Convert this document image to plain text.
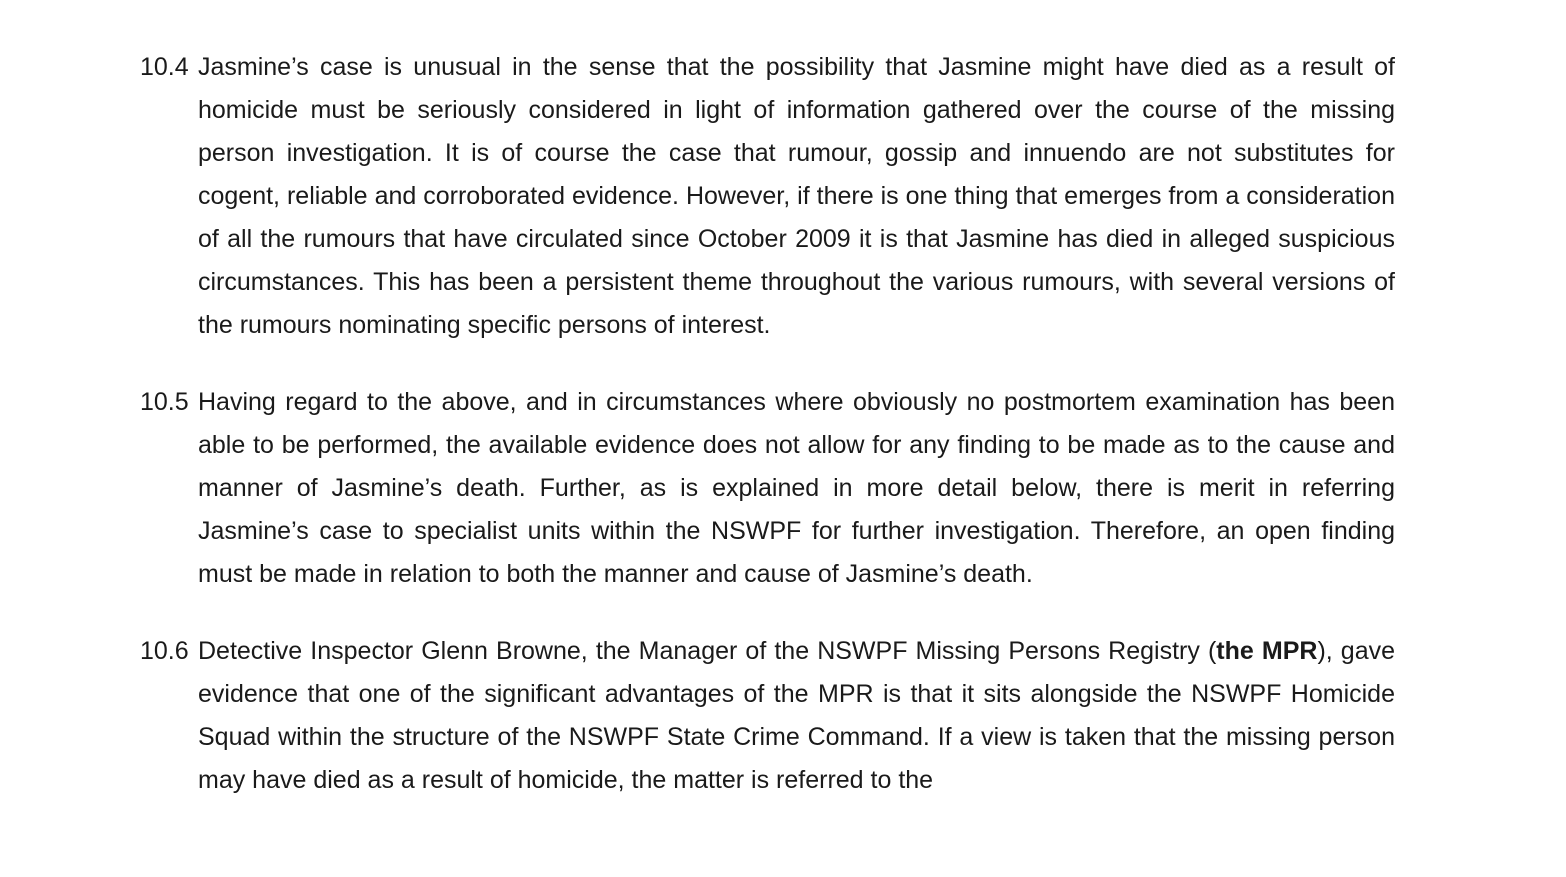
10.4 Jasmine’s case is unusual in the sense that the possibility that Jasmine might have died as a result of homicide must be seriously considered in light of information gathered over the course of the missing person investigation. It is of course the case that rumour, gossip and innuendo are not substitutes for cogent, reliable and corroborated evidence. However, if there is one thing that emerges from a consideration of all the rumours that have circulated since October 2009 it is that Jasmine has died in alleged suspicious circumstances. This has been a persistent theme throughout the various rumours, with several versions of the rumours nominating specific persons of interest.
10.5 Having regard to the above, and in circumstances where obviously no postmortem examination has been able to be performed, the available evidence does not allow for any finding to be made as to the cause and manner of Jasmine’s death. Further, as is explained in more detail below, there is merit in referring Jasmine’s case to specialist units within the NSWPF for further investigation. Therefore, an open finding must be made in relation to both the manner and cause of Jasmine’s death.
10.6 Detective Inspector Glenn Browne, the Manager of the NSWPF Missing Persons Registry (the MPR), gave evidence that one of the significant advantages of the MPR is that it sits alongside the NSWPF Homicide Squad within the structure of the NSWPF State Crime Command. If a view is taken that the missing person may have died as a result of homicide, the matter is referred to the
